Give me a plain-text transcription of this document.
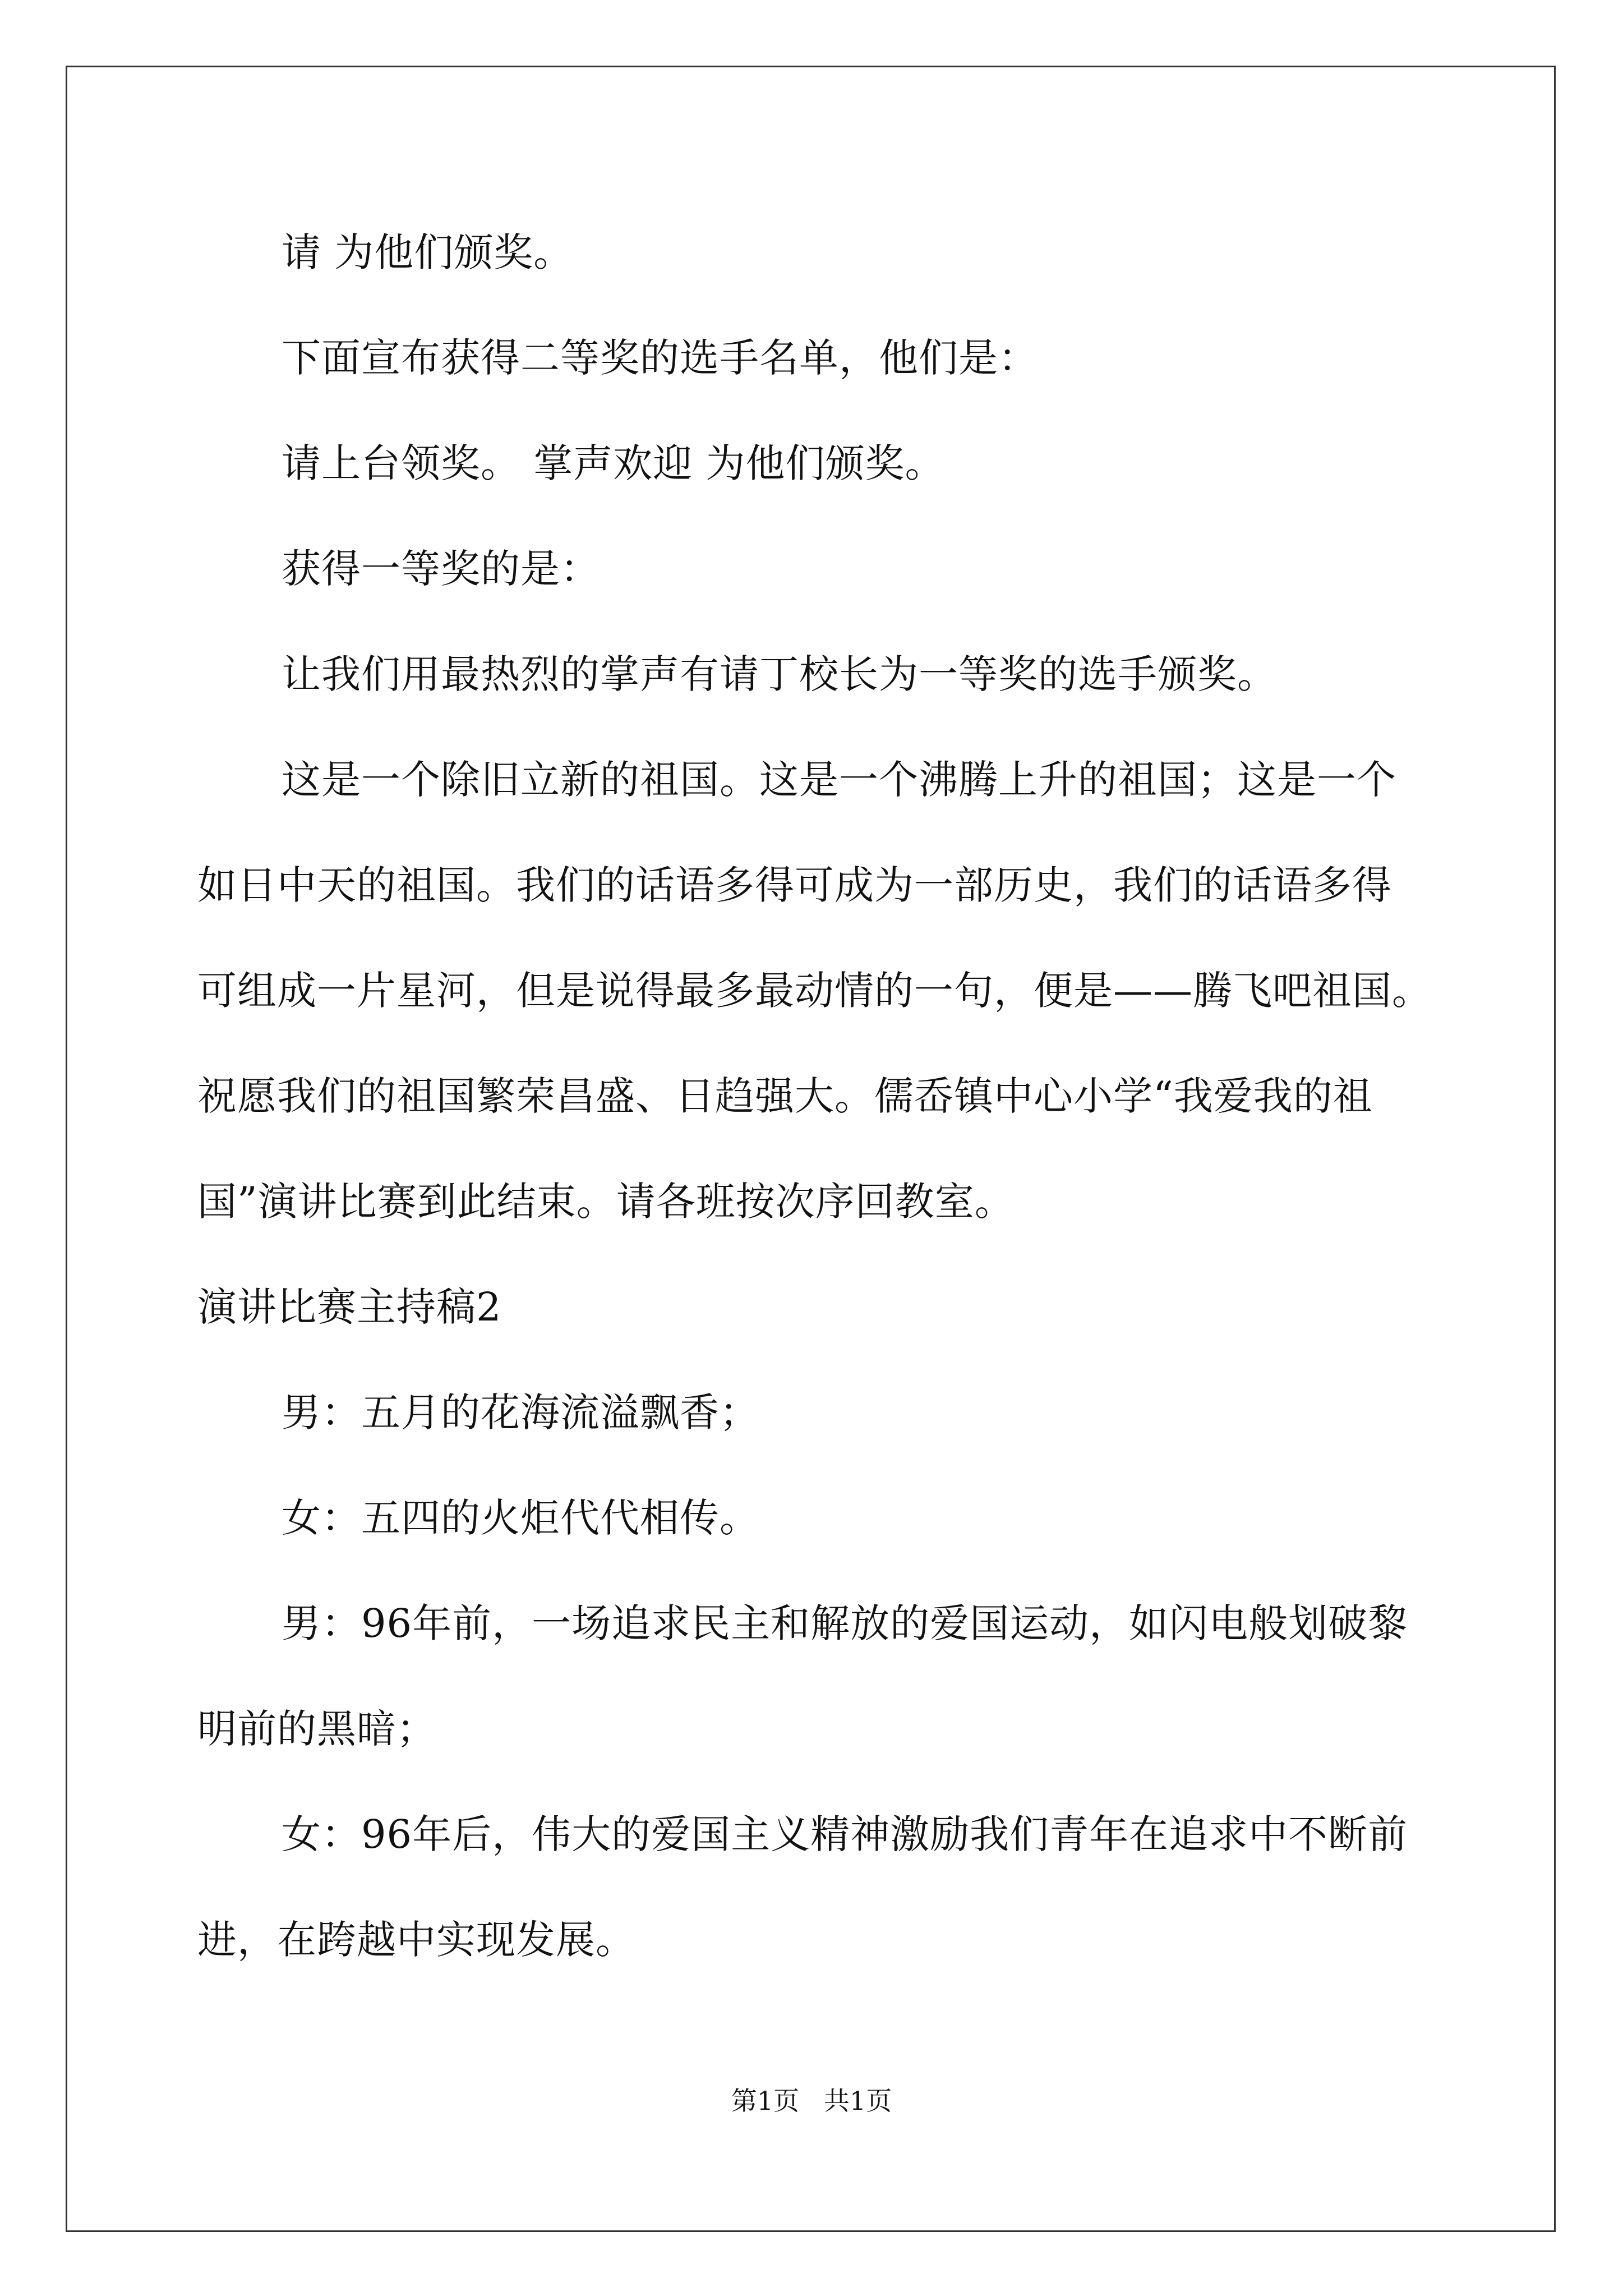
请 为他们颁奖。
下面宣布获得二等奖的选手名单，他们是：
请上台领奖。 掌声欢迎 为他们颁奖。
获得一等奖的是：
让我们用最热烈的掌声有请丁校长为一等奖的选手颁奖。
这是一个除旧立新的祖国。这是一个沸腾上升的祖国；这是一个
如日中天的祖国。我们的话语多得可成为一部历史，我们的话语多得
可组成一片星河，但是说得最多最动情的一句，便是——腾飞吧祖国。
祝愿我们的祖国繁荣昌盛、日趋强大。儒岙镇中心小学“我爱我的祖
国”演讲比赛到此结束。请各班按次序回教室。
演讲比赛主持稿2
男：五月的花海流溢飘香；
女：五四的火炬代代相传。
男：96年前，一场追求民主和解放的爱国运动，如闪电般划破黎
明前的黑暗；
女：96年后，伟大的爱国主义精神激励我们青年在追求中不断前
进，在跨越中实现发展。
第1页   共1页
